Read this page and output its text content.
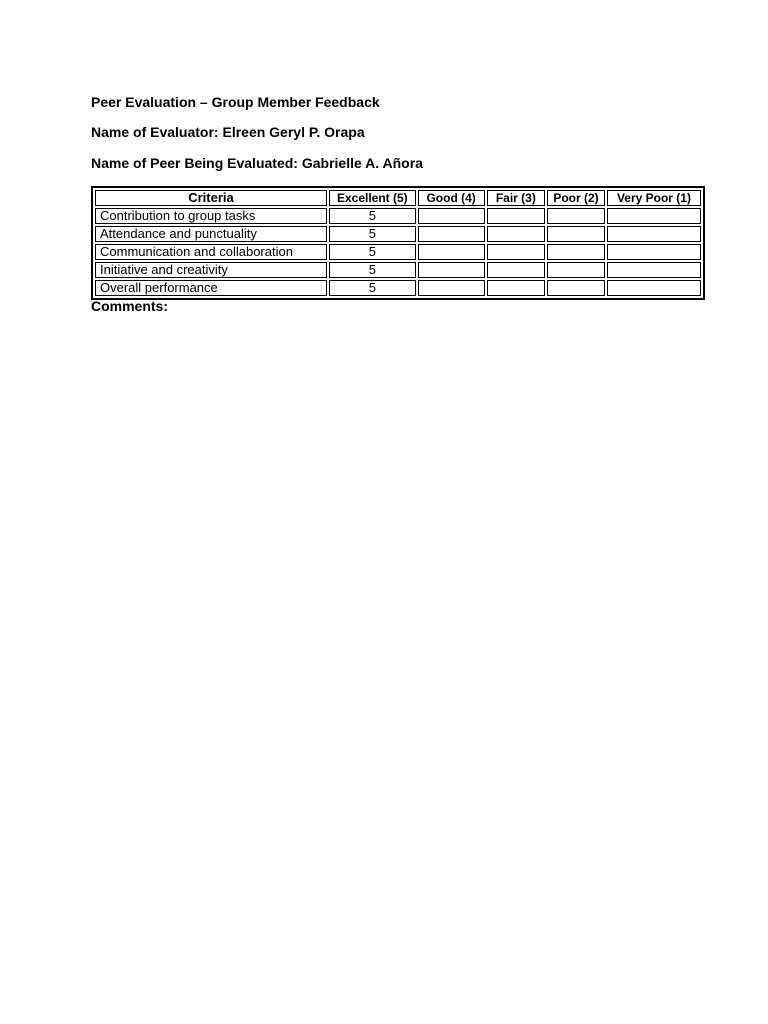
Peer Evaluation – Group Member Feedback

Name of Evaluator: Elreen Geryl P. Orapa

Name of Peer Being Evaluated: Gabrielle A. Añora

Criteria	Excellent (5)	Good (4)	Fair (3)	Poor (2)	Very Poor (1)
Contribution to group tasks	5				
Attendance and punctuality	5				
Communication and collaboration	5				
Initiative and creativity	5				
Overall performance	5				

Comments:
